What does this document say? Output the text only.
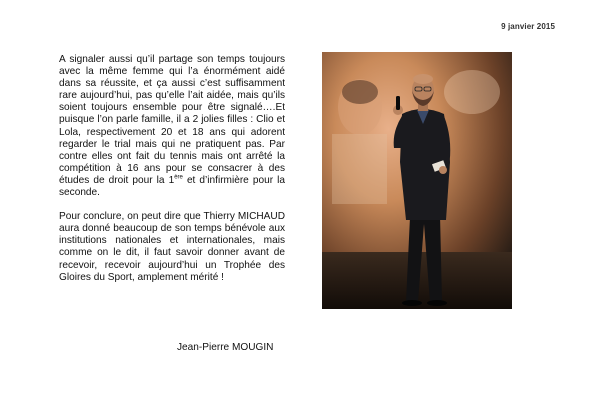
9 janvier 2015

A signaler aussi qu’il partage son temps toujours avec la même femme qui l’a énormément aidé dans sa réussite, et ça aussi c’est suffisamment rare aujourd’hui, pas qu’elle l’ait aidée, mais qu’ils soient toujours ensemble pour être signalé….Et puisque l’on parle famille, il a 2 jolies filles : Clio et Lola, respectivement 20 et 18 ans qui adorent regarder le trial mais qui ne pratiquent pas. Par contre elles ont fait du tennis mais ont arrêté la compétition à 16 ans pour se consacrer à des études de droit pour la 1ère et d’infirmière pour la seconde.

Pour conclure, on peut dire que Thierry MICHAUD aura donné beaucoup de son temps bénévole aux institutions nationales et internationales, mais comme on le dit, il faut savoir donner avant de recevoir, recevoir aujourd’hui un Trophée des Gloires du Sport, amplement mérité !

Jean-Pierre MOUGIN
